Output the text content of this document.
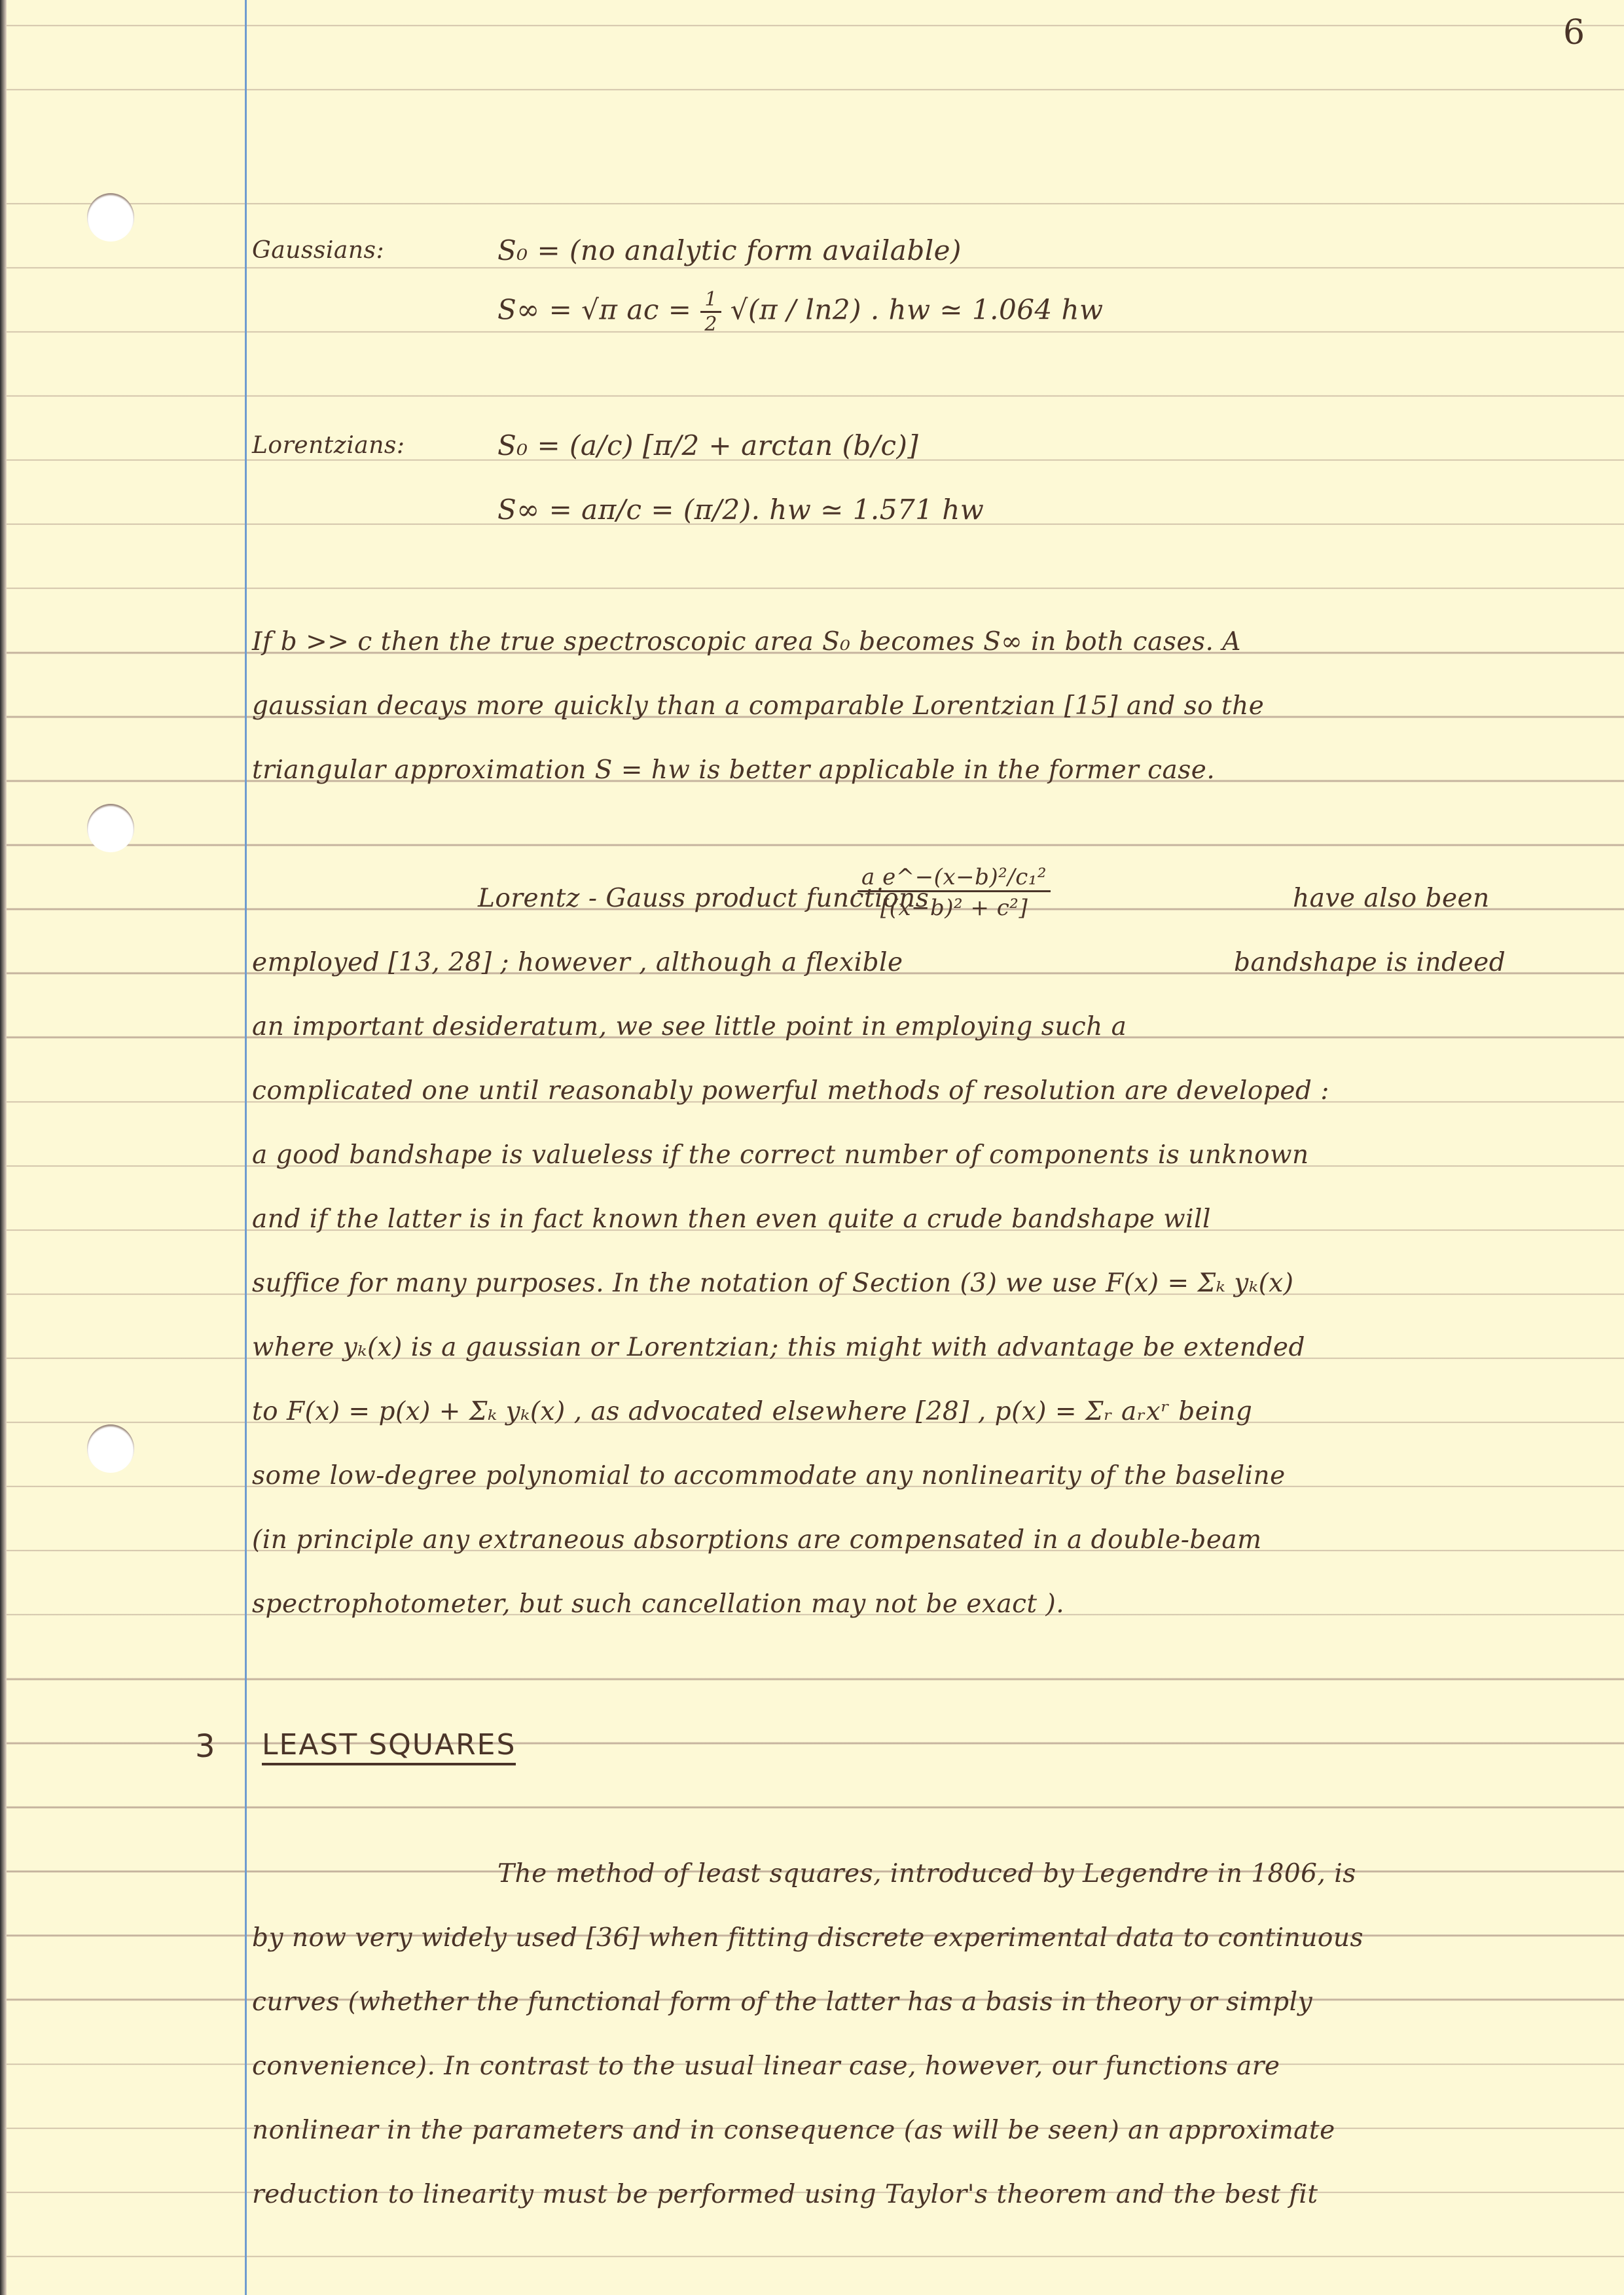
6
Gaussians:	S₀ = (no analytic form available)
S∞ = √π ac = $\frac{1}{2} √(\pi / \ln 2)$ . hw ≃ 1.064 hw
Lorentzians:	S₀ = (a/c) [π/2 + arctan (b/c)]
S∞ = aπ/c = (π/2). hw ≃ 1.571 hw
If b >> c then the true spectroscopic area S₀ becomes S∞ in both cases. A
gaussian decays more quickly than a comparable Lorentzian [15] and so the
triangular approximation S = hw is better applicable in the former case.
Lorentz - Gauss product functions
$\frac{\text{a e\textasciicircum{}−(x−b)²/c₁²}}{\text{[(x−b)² + c²]}}$	have also been
employed [13, 28] ; however , although a flexible	bandshape is indeed
an important desideratum, we see little point in employing such a
complicated one until reasonably powerful methods of resolution are developed :
a good bandshape is valueless if the correct number of components is unknown
and if the latter is in fact known then even quite a crude bandshape will
suffice for many purposes. In the notation of Section (3) we use F(x) = Σₖ yₖ(x)
where yₖ(x) is a gaussian or Lorentzian; this might with advantage be extended
to F(x) = p(x) + Σₖ yₖ(x) , as advocated elsewhere [28] , p(x) = Σᵣ aᵣxʳ being
some low-degree polynomial to accommodate any nonlinearity of the baseline
(in principle any extraneous absorptions are compensated in a double-beam
spectrophotometer, but such cancellation may not be exact ).
3 LEAST SQUARES
The method of least squares, introduced by Legendre in 1806, is
by now very widely used [36] when fitting discrete experimental data to continuous
curves (whether the functional form of the latter has a basis in theory or simply
convenience). In contrast to the usual linear case, however, our functions are
nonlinear in the parameters and in consequence (as will be seen) an approximate
reduction to linearity must be performed using Taylor's theorem and the best fit
